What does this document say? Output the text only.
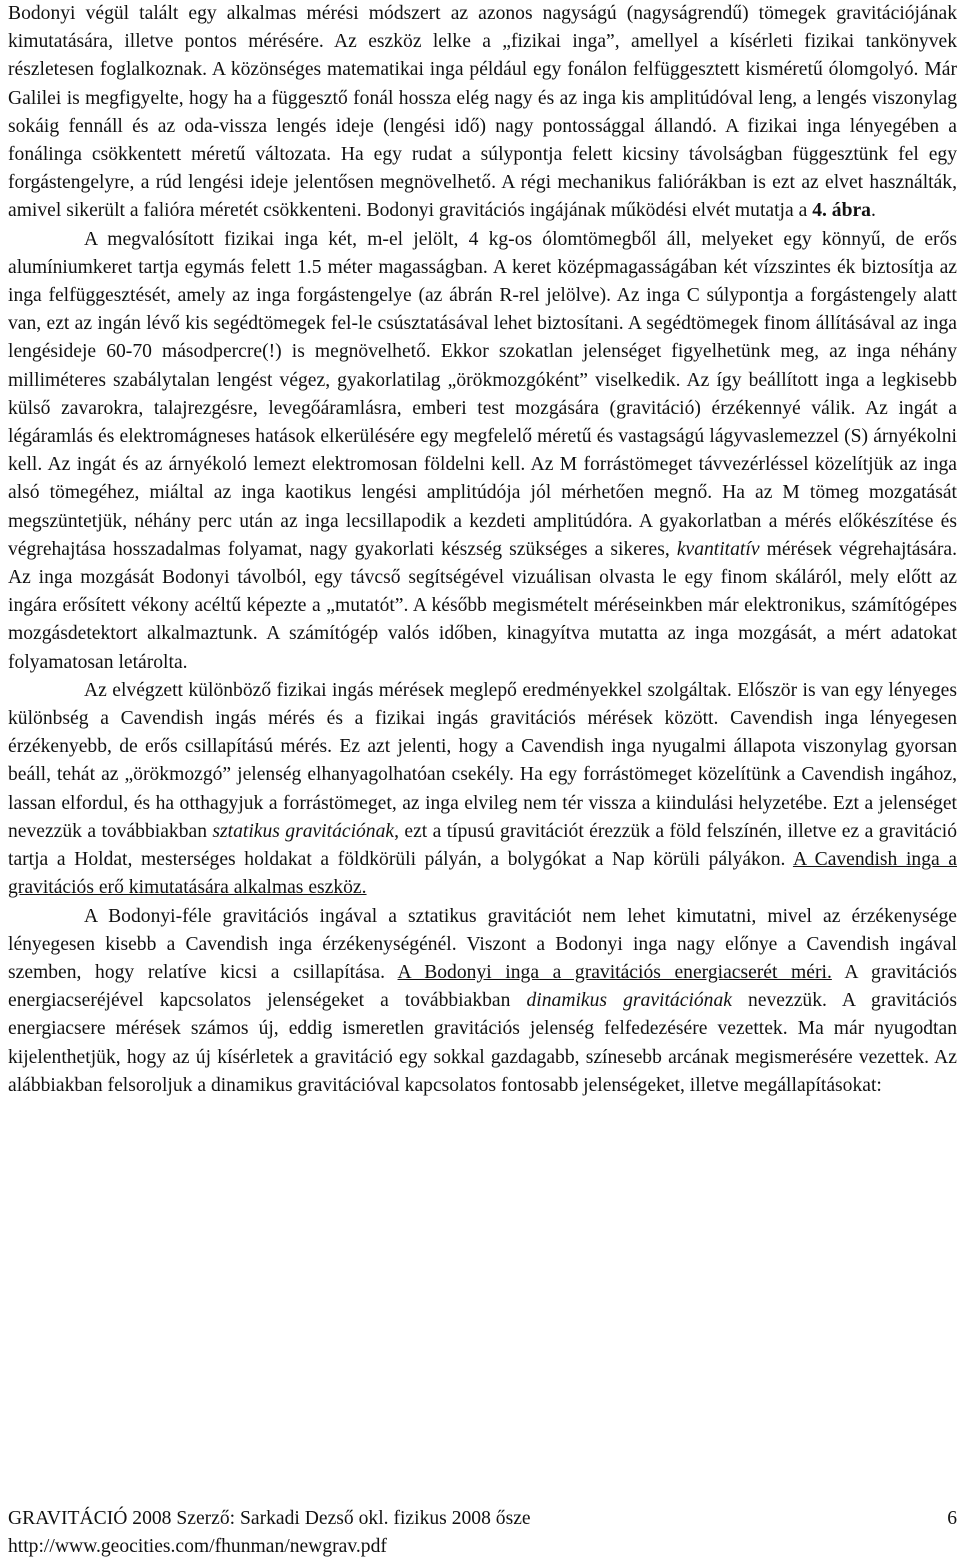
Bodonyi végül talált egy alkalmas mérési módszert az azonos nagyságú (nagyságrendű) tömegek gravitációjának kimutatására, illetve pontos mérésére. Az eszköz lelke a „fizikai inga”, amellyel a kísérleti fizikai tankönyvek részletesen foglalkoznak. A közönséges matematikai inga például egy fonálon felfüggesztett kisméretű ólomgolyó. Már Galilei is megfigyelte, hogy ha a függesztő fonál hossza elég nagy és az inga kis amplitúdóval leng, a lengés viszonylag sokáig fennáll és az oda-vissza lengés ideje (lengési idő) nagy pontossággal állandó. A fizikai inga lényegében a fonálinga csökkentett méretű változata. Ha egy rudat a súlypontja felett kicsiny távolságban függesztünk fel egy forgástengelyre, a rúd lengési ideje jelentősen megnövelhető. A régi mechanikus faliórákban is ezt az elvet használták, amivel sikerült a falióra méretét csökkenteni. Bodonyi gravitációs ingájának működési elvét mutatja a 4. ábra.

A megvalósított fizikai inga két, m-el jelölt, 4 kg-os ólomtömegből áll, melyeket egy könnyű, de erős alumíniumkeret tartja egymás felett 1.5 méter magasságban. A keret középmagasságában két vízszintes ék biztosítja az inga felfüggesztését, amely az inga forgástengelye (az ábrán R-rel jelölve). Az inga C súlypontja a forgástengely alatt van, ezt az ingán lévő kis segédtömegek fel-le csúsztatásával lehet biztosítani. A segédtömegek finom állításával az inga lengésideje 60-70 másodpercre(!) is megnövelhető. Ekkor szokatlan jelenséget figyelhetünk meg, az inga néhány milliméteres szabálytalan lengést végez, gyakorlatilag „örökmozgóként” viselkedik. Az így beállított inga a legkisebb külső zavarokra, talajrezgésre, levegőáramlásra, emberi test mozgására (gravitáció) érzékennyé válik. Az ingát a légáramlás és elektromágneses hatások elkerülésére egy megfelelő méretű és vastagságú lágyvaslemezzel (S) árnyékolni kell. Az ingát és az árnyékoló lemezt elektromosan földelni kell. Az M forrástömeget távvezérléssel közelítjük az inga alsó tömegéhez, miáltal az inga kaotikus lengési amplitúdója jól mérhetően megnő. Ha az M tömeg mozgatását megszüntetjük, néhány perc után az inga lecsillapodik a kezdeti amplitúdóra. A gyakorlatban a mérés előkészítése és végrehajtása hosszadalmas folyamat, nagy gyakorlati készség szükséges a sikeres, kvantitatív mérések végrehajtására. Az inga mozgását Bodonyi távolból, egy távcső segítségével vizuálisan olvasta le egy finom skáláról, mely előtt az ingára erősített vékony acéltű képezte a „mutatót”. A később megismételt méréseinkben már elektronikus, számítógépes mozgásdetektort alkalmaztunk. A számítógép valós időben, kinagyítva mutatta az inga mozgását, a mért adatokat folyamatosan letárolta.

Az elvégzett különböző fizikai ingás mérések meglepő eredményekkel szolgáltak. Először is van egy lényeges különbség a Cavendish ingás mérés és a fizikai ingás gravitációs mérések között. Cavendish inga lényegesen érzékenyebb, de erős csillapítású mérés. Ez azt jelenti, hogy a Cavendish inga nyugalmi állapota viszonylag gyorsan beáll, tehát az „örökmozgó” jelenség elhanyagolhatóan csekély. Ha egy forrástömeget közelítünk a Cavendish ingához, lassan elfordul, és ha otthagyjuk a forrástömeget, az inga elvileg nem tér vissza a kiindulási helyzetébe. Ezt a jelenséget nevezzük a továbbiakban sztatikus gravitációnak, ezt a típusú gravitációt érezzük a föld felszínén, illetve ez a gravitáció tartja a Holdat, mesterséges holdakat a földkörüli pályán, a bolygókat a Nap körüli pályákon. A Cavendish inga a gravitációs erő kimutatására alkalmas eszköz.

A Bodonyi-féle gravitációs ingával a sztatikus gravitációt nem lehet kimutatni, mivel az érzékenysége lényegesen kisebb a Cavendish inga érzékenységénél. Viszont a Bodonyi inga nagy előnye a Cavendish ingával szemben, hogy relatíve kicsi a csillapítása. A Bodonyi inga a gravitációs energiacserét méri. A gravitációs energiacseréjével kapcsolatos jelenségeket a továbbiakban dinamikus gravitációnak nevezzük. A gravitációs energiacsere mérések számos új, eddig ismeretlen gravitációs jelenség felfedezésére vezettek. Ma már nyugodtan kijelenthetjük, hogy az új kísérletek a gravitáció egy sokkal gazdagabb, színesebb arcának megismerésére vezettek. Az alábbiakban felsoroljuk a dinamikus gravitációval kapcsolatos fontosabb jelenségeket, illetve megállapításokat:

GRAVITÁCIÓ 2008 Szerző: Sarkadi Dezső okl. fizikus 2008 ősze	6
http://www.geocities.com/fhunman/newgrav.pdf
